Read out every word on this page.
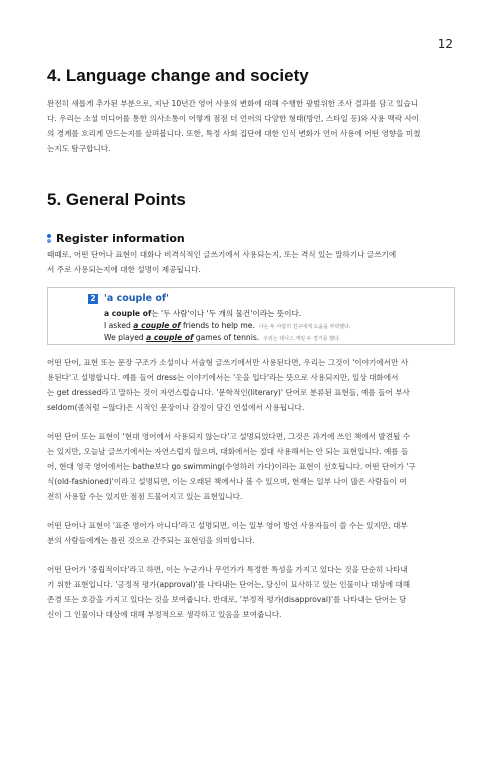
12
4. Language change and society
완전히 새롭게 추가된 부분으로, 지난 10년간 영어 사용의 변화에 대해 수행한 광범위한 조사 결과를 담고 있습니
다. 우리는 소셜 미디어를 통한 의사소통이 어떻게 점점 더 언어의 다양한 형태(방언, 스타일 등)와 사용 맥락 사이
의 경계를 흐리게 만드는지를 살펴봅니다. 또한, 특정 사회 집단에 대한 인식 변화가 언어 사용에 어떤 영향을 미쳤
는지도 탐구합니다.
5. General Points
Register information
때때로, 어떤 단어나 표현이 대화나 비격식적인 글쓰기에서 사용되는지, 또는 격식 있는 말하기나 글쓰기에
서 주로 사용되는지에 대한 설명이 제공됩니다.
2 'a couple of'
a couple of는 '두 사람'이나 '두 개의 물건'이라는 뜻이다.
I asked a couple of friends to help me. 나는 두 사람의 친구에게 도움을 부탁했다.
We played a couple of games of tennis. 우리는 테니스 게임 두 경기를 했다.
어떤 단어, 표현 또는 문장 구조가 소설이나 서술형 글쓰기에서만 사용된다면, 우리는 그것이 '이야기에서만 사
용된다'고 설명합니다. 예를 들어 dress는 이야기에서는 '옷을 입다'라는 뜻으로 사용되지만, 일상 대화에서
는 get dressed라고 말하는 것이 자연스럽습니다. '문학적인(literary)' 단어로 분류된 표현들, 예를 들어 부사
seldom(좀처럼 ~않다)은 시적인 문장이나 감정이 담긴 연설에서 사용됩니다.
어떤 단어 또는 표현이 '현대 영어에서 사용되지 않는다'고 설명되었다면, 그것은 과거에 쓰인 책에서 발견될 수
는 있지만, 오늘날 글쓰기에서는 자연스럽지 않으며, 대화에서는 절대 사용해서는 안 되는 표현입니다. 예를 들
어, 현대 영국 영어에서는 bathe보다 go swimming(수영하러 가다)이라는 표현이 선호됩니다. 어떤 단어가 '구
식(old-fashioned)'이라고 설명되면, 이는 오래된 책에서나 볼 수 있으며, 현재는 일부 나이 많은 사람들이 여
전히 사용할 수는 있지만 점점 드물어지고 있는 표현입니다.
어떤 단어나 표현이 '표준 영어가 아니다'라고 설명되면, 이는 일부 영어 방언 사용자들이 쓸 수는 있지만, 대부
분의 사람들에게는 틀린 것으로 간주되는 표현임을 의미합니다.
어떤 단어가 '중립적이다'라고 하면, 이는 누군가나 무언가가 특정한 특성을 가지고 있다는 것을 단순히 나타내
기 위한 표현입니다. '긍정적 평가(approval)'를 나타내는 단어는, 당신이 묘사하고 있는 인물이나 대상에 대해
존경 또는 호감을 가지고 있다는 것을 보여줍니다. 반대로, '부정적 평가(disapproval)'를 나타내는 단어는 당
신이 그 인물이나 대상에 대해 부정적으로 생각하고 있음을 보여줍니다.
